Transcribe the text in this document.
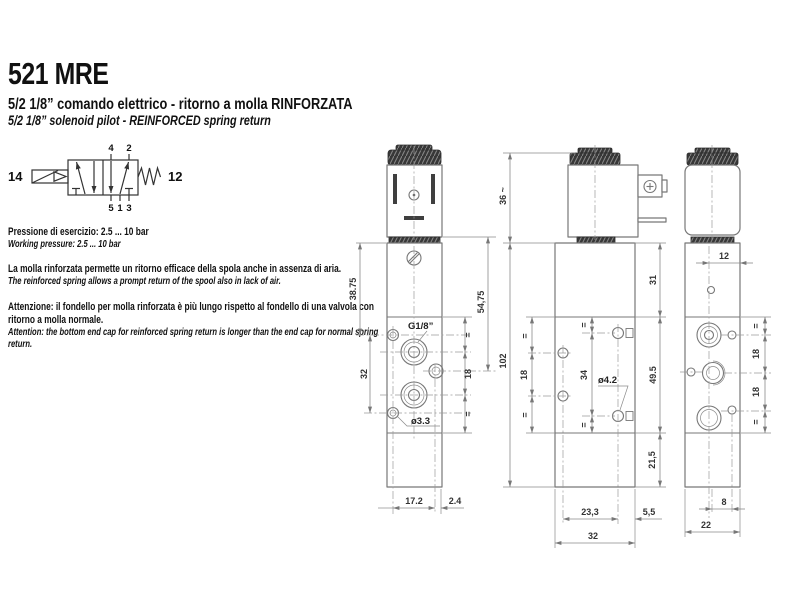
521 MRE
5/2 1/8” comando elettrico - ritorno a molla RINFORZATA
5/2 1/8” solenoid pilot - REINFORCED spring return
14	12
4 2
5 1 3

Pressione di esercizio: 2.5 ... 10 bar

Working pressure: 2.5 ... 10 bar

La molla rinforzata permette un ritorno efficace della spola anche in assenza di aria.

The reinforced spring allows a prompt return of the spool also in lack of air.

Attenzione: il fondello per molla rinforzata è più lungo rispetto al fondello di una valvola con ritorno a molla normale.

Attention: the bottom end cap for reinforced spring return is longer than the end cap for normal spring return.

38.75
32
=
18
=
54,75
17.2	2.4
G1/8”
ø3.3
36 ~
102
=
18
=
=
34
=
31
49.5
21,5
ø4.2
23,3	5,5
32
12
=
18
18
=
8
22
